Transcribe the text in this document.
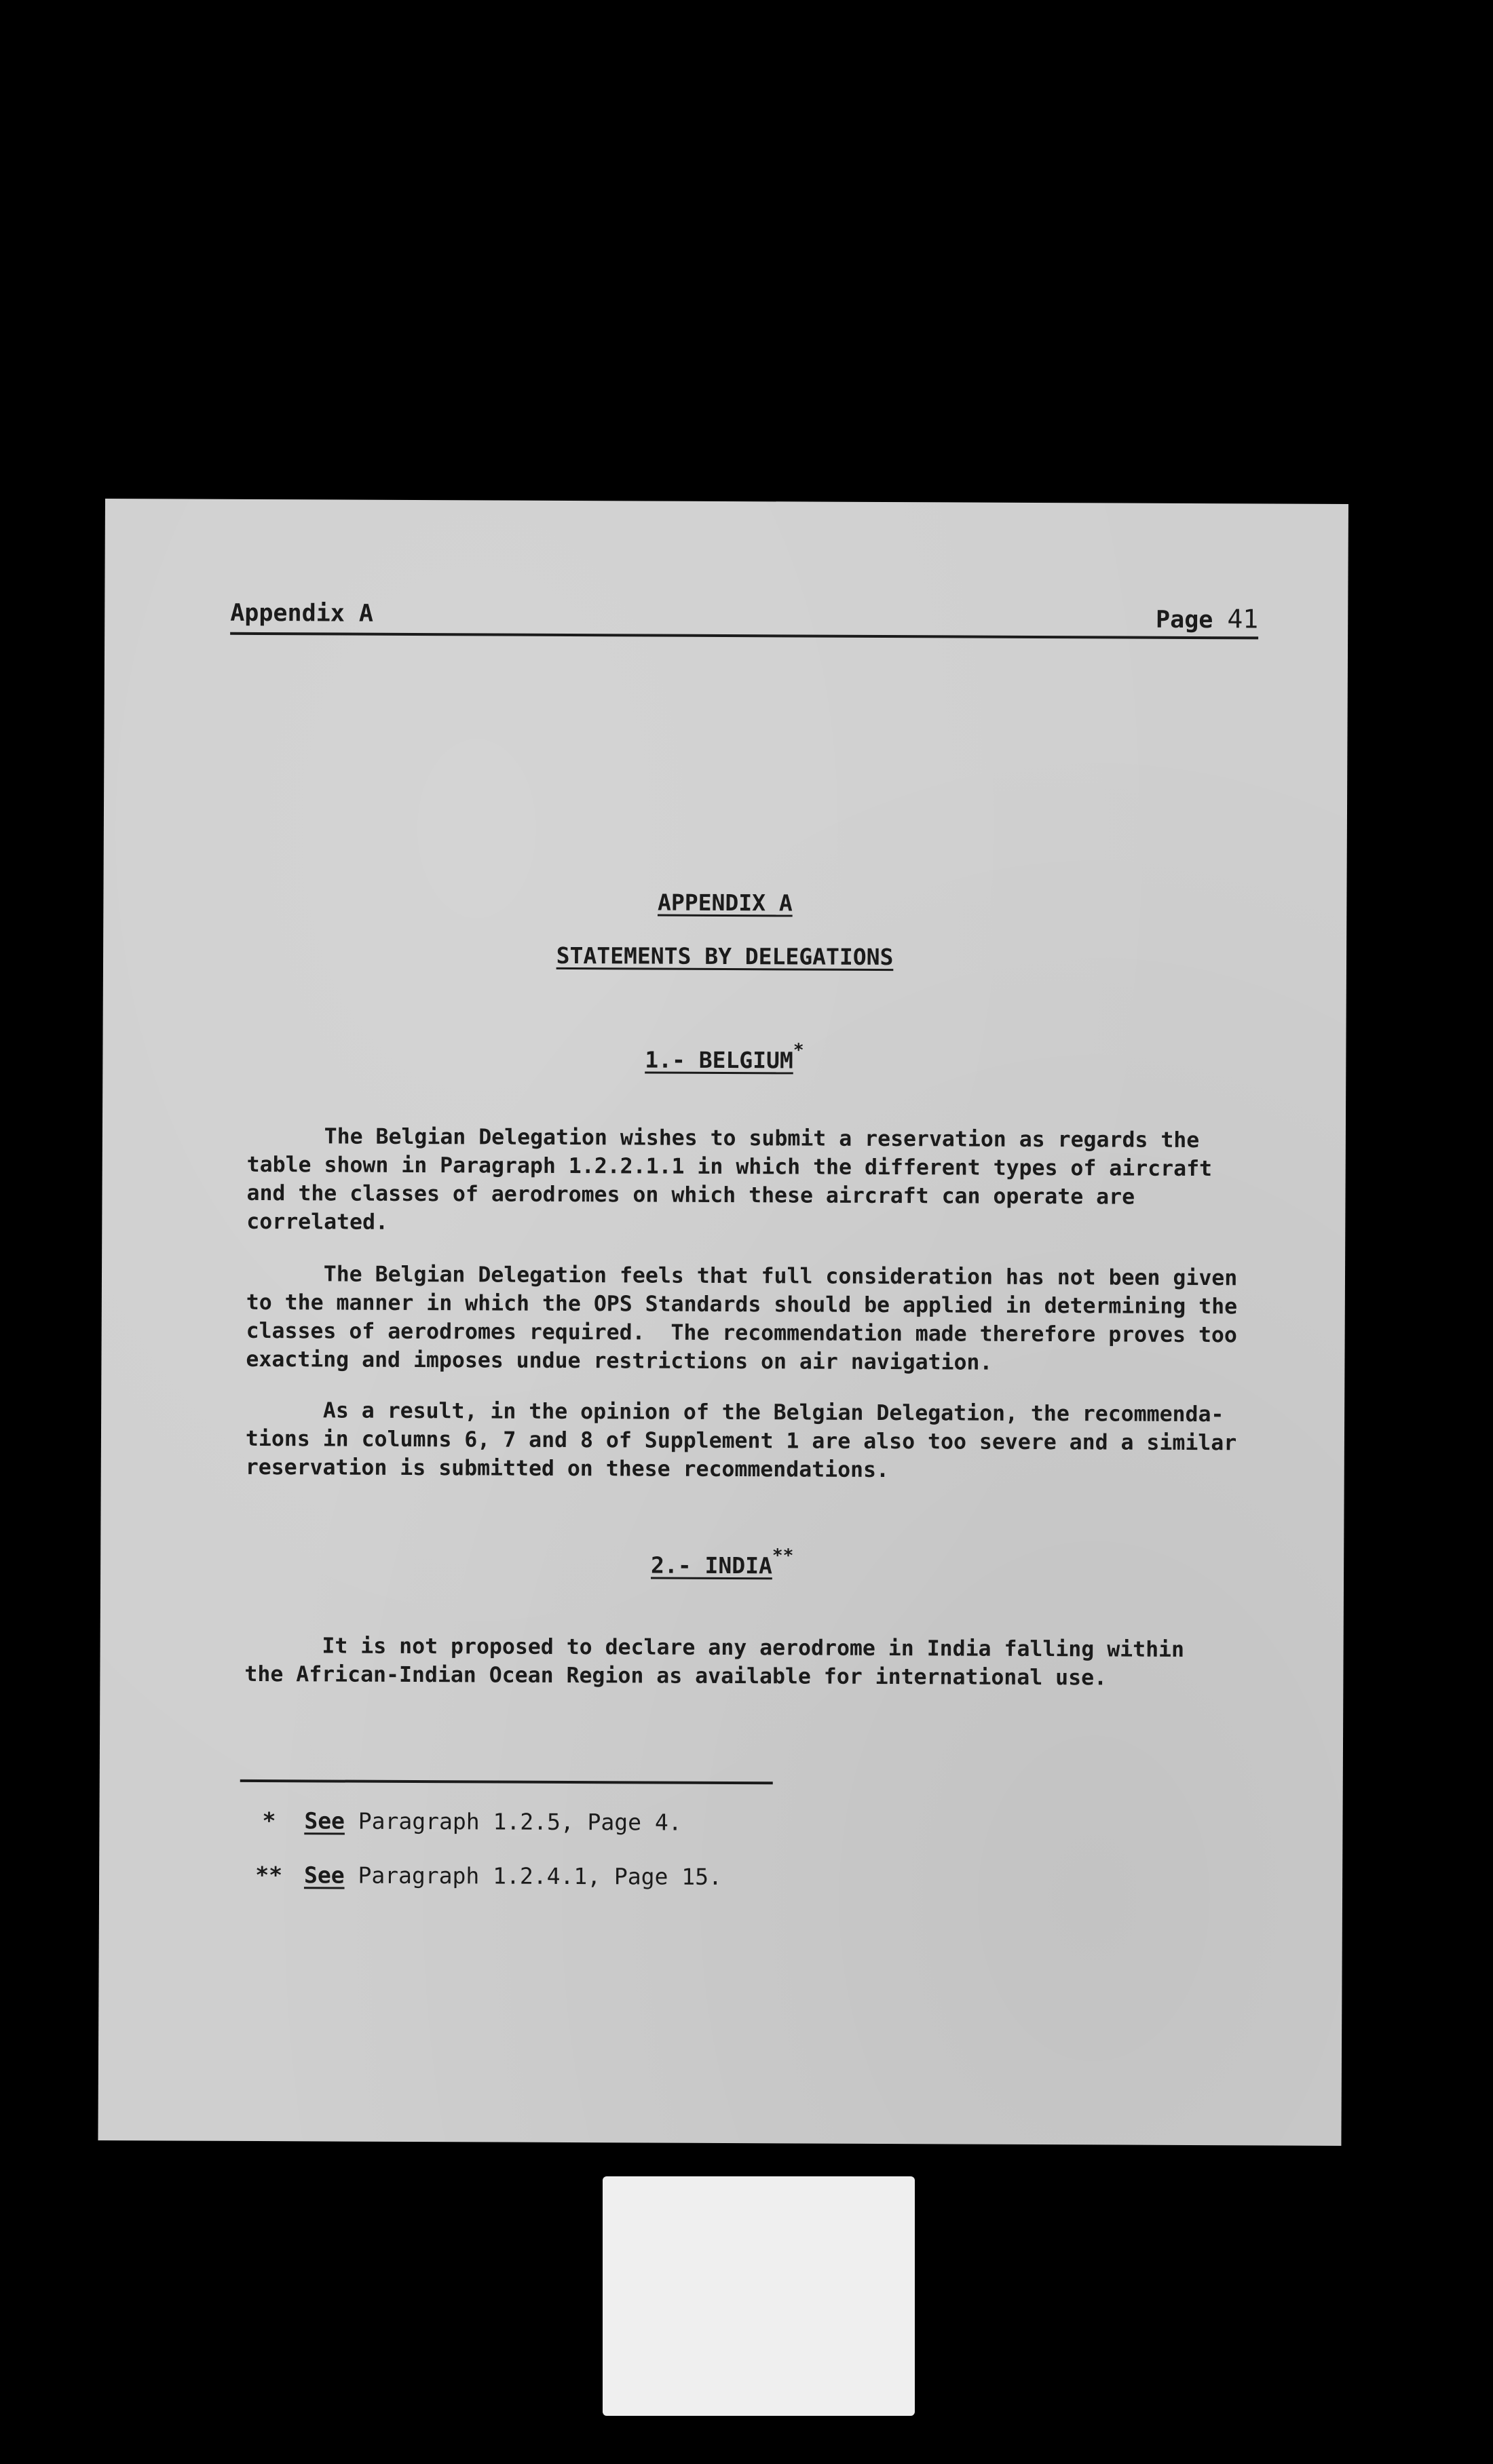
Appendix A	Page 41
APPENDIX A
STATEMENTS BY DELEGATIONS
1.- BELGIUM*

The Belgian Delegation wishes to submit a reservation as regards the
table shown in Paragraph 1.2.2.1.1 in which the different types of aircraft
and the classes of aerodromes on which these aircraft can operate are
correlated.

The Belgian Delegation feels that full consideration has not been given
to the manner in which the OPS Standards should be applied in determining the
classes of aerodromes required.  The recommendation made therefore proves too
exacting and imposes undue restrictions on air navigation.

As a result, in the opinion of the Belgian Delegation, the recommenda-
tions in columns 6, 7 and 8 of Supplement 1 are also too severe and a similar
reservation is submitted on these recommendations.

2.- INDIA**

It is not proposed to declare any aerodrome in India falling within
the African-Indian Ocean Region as available for international use.

* See Paragraph 1.2.5, Page 4.
** See Paragraph 1.2.4.1, Page 15.
